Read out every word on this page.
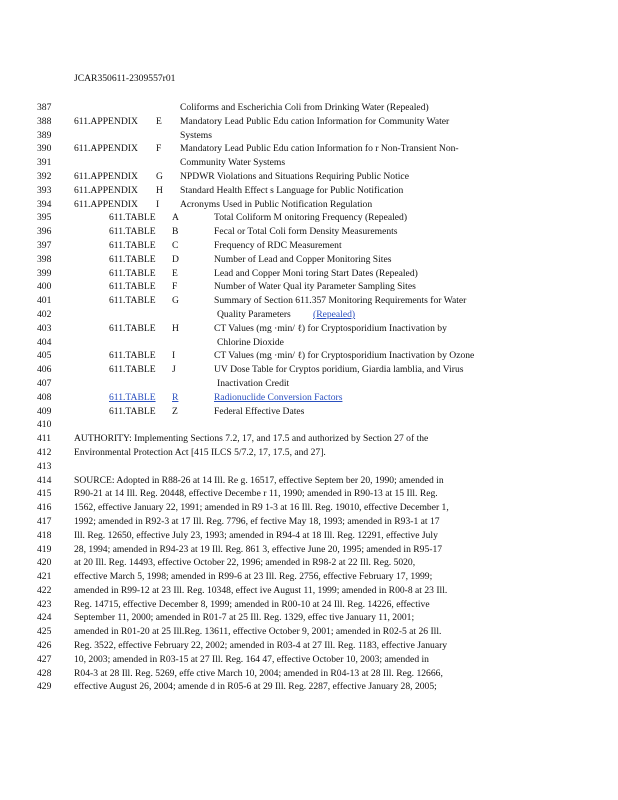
JCAR350611-2309557r01
387	Coliforms and Escherichia Coli from Drinking Water (Repealed)
388	611.APPENDIX E Mandatory Lead Public Edu cation Information for Community Water
389	Systems
390	611.APPENDIX F Mandatory Lead Public Edu cation Information fo r Non-Transient Non-
391	Community Water Systems
392	611.APPENDIX G NPDWR Violations and Situations Requiring Public Notice
393	611.APPENDIX H Standard Health Effect s Language for Public Notification
394	611.APPENDIX I Acronyms Used in Public Notification Regulation
395	611.TABLE A	Total Coliform M onitoring Frequency (Repealed)
396	611.TABLE B	Fecal or Total Coli form Density Measurements
397	611.TABLE C	Frequency of RDC Measurement
398	611.TABLE D	Number of Lead and Copper Monitoring Sites
399	611.TABLE E	Lead and Copper Moni toring Start Dates (Repealed)
400	611.TABLE F	Number of Water Qual ity Parameter Sampling Sites
401	611.TABLE G	Summary of Section 611.357 Monitoring Requirements for Water
402	Quality Parameters (Repealed)
403	611.TABLE H	CT Values (mg ·min/ ℓ) for Cryptosporidium Inactivation by
404	Chlorine Dioxide
405	611.TABLE I	CT Values (mg ·min/ ℓ) for Cryptosporidium Inactivation by Ozone
406	611.TABLE J	UV Dose Table for Cryptos poridium, Giardia lamblia, and Virus
407	Inactivation Credit
408	611.TABLE R	Radionuclide Conversion Factors
409	611.TABLE Z	Federal Effective Dates
410
411	AUTHORITY: Implementing Sections 7.2, 17, and 17.5 and authorized by Section 27 of the
412	Environmental Protection Act [415 ILCS 5/7.2, 17, 17.5, and 27].
413
414	SOURCE: Adopted in R88-26 at 14 Ill. Re g. 16517, effective Septem ber 20, 1990; amended in
415	R90-21 at 14 Ill. Reg. 20448, effective Decembe r 11, 1990; amended in R90-13 at 15 Ill. Reg.
416	1562, effective January 22, 1991; amended in R9 1-3 at 16 Ill. Reg. 19010, effective December 1,
417	1992; amended in R92-3 at 17 Ill. Reg. 7796, ef fective May 18, 1993; amended in R93-1 at 17
418	Ill. Reg. 12650, effective July 23, 1993; amended in R94-4 at 18 Ill. Reg. 12291, effective July
419	28, 1994; amended in R94-23 at 19 Ill. Reg. 861 3, effective June 20, 1995; amended in R95-17
420	at 20 Ill. Reg. 14493, effective October 22, 1996; amended in R98-2 at 22 Ill. Reg. 5020,
421	effective March 5, 1998; amended in R99-6 at 23 Ill. Reg. 2756, effective February 17, 1999;
422	amended in R99-12 at 23 Ill. Reg. 10348, effect ive August 11, 1999; amended in R00-8 at 23 Ill.
423	Reg. 14715, effective December 8, 1999; amended in R00-10 at 24 Ill. Reg. 14226, effective
424	September 11, 2000; amended in R01-7 at 25 Ill. Reg. 1329, effec tive January 11, 2001;
425	amended in R01-20 at 25 Ill.Reg. 13611, effective October 9, 2001; amended in R02-5 at 26 Ill.
426	Reg. 3522, effective February 22, 2002; amended in R03-4 at 27 Ill. Reg. 1183, effective January
427	10, 2003; amended in R03-15 at 27 Ill. Reg. 164 47, effective October 10, 2003; amended in
428	R04-3 at 28 Ill. Reg. 5269, effe ctive March 10, 2004; amended in R04-13 at 28 Ill. Reg. 12666,
429	effective August 26, 2004; amende d in R05-6 at 29 Ill. Reg. 2287, effective January 28, 2005;
